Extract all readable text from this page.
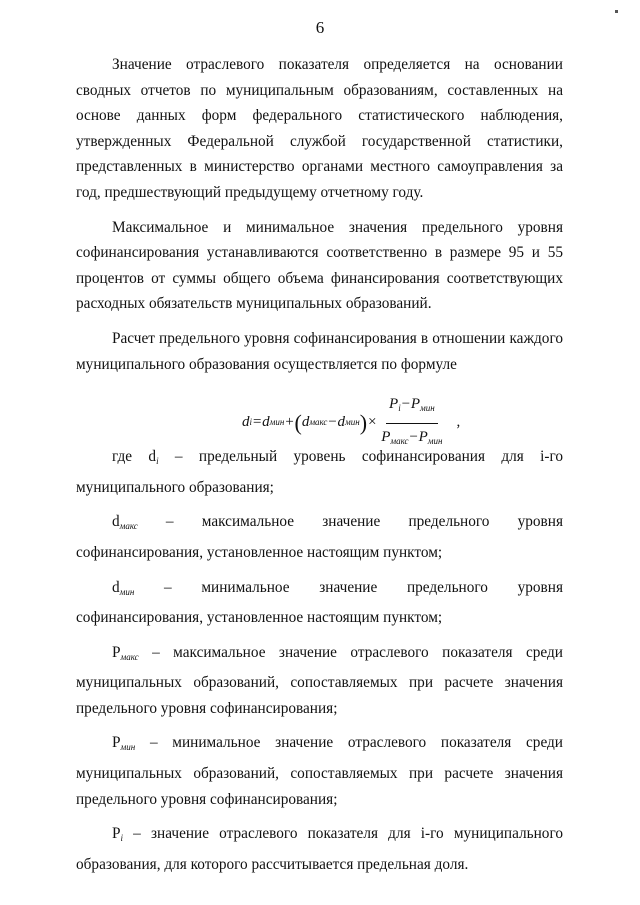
6

Значение отраслевого показателя определяется на основании сводных отчетов по муниципальным образованиям, составленных на основе данных форм федерального статистического наблюдения, утвержденных Федеральной службой государственной статистики, представленных в министерство органами местного самоуправления за год, предшествующий предыдущему отчетному году.

Максимальное и минимальное значения предельного уровня софинансирования устанавливаются соответственно в размере 95 и 55 процентов от суммы общего объема финансирования соответствующих расходных обязательств муниципальных образований.

Расчет предельного уровня софинансирования в отношении каждого муниципального образования осуществляется по формуле

d i = d мин + ( d макс − d мин ) × $\frac{P_i-P_{мин}}{P_{макс}-P_{мин}}$ ,

где $d_i$ – предельный уровень софинансирования для i-го муниципального образования;

$d_{макс}$ – максимальное значение предельного уровня софинансирования, установленное настоящим пунктом;

$d_{мин}$ – минимальное значение предельного уровня софинансирования, установленное настоящим пунктом;

$P_{макс}$ – максимальное значение отраслевого показателя среди муниципальных образований, сопоставляемых при расчете значения предельного уровня софинансирования;

$P_{мин}$ – минимальное значение отраслевого показателя среди муниципальных образований, сопоставляемых при расчете значения предельного уровня софинансирования;

$P_i$ – значение отраслевого показателя для i-го муниципального образования, для которого рассчитывается предельная доля.
